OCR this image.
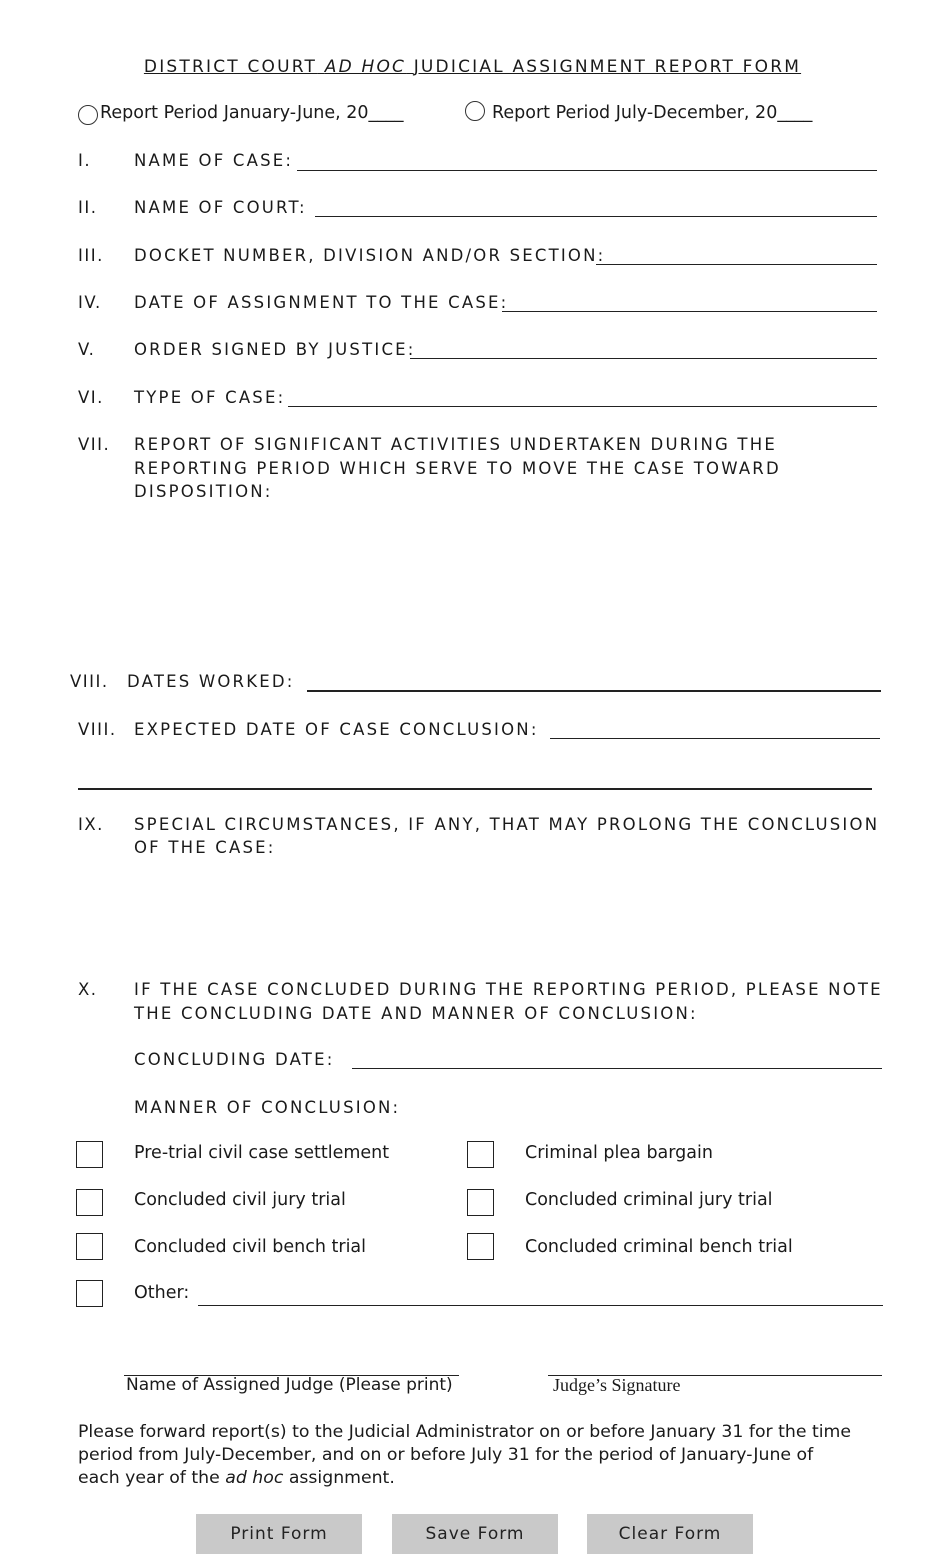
DISTRICT COURT AD HOC JUDICIAL ASSIGNMENT REPORT FORM
Report Period January-June, 20____	Report Period July-December, 20____
I.	NAME OF CASE:
II. NAME OF COURT:
III. DOCKET NUMBER, DIVISION AND/OR SECTION:
IV. DATE OF ASSIGNMENT TO THE CASE:
V. ORDER SIGNED BY JUSTICE:
VI. TYPE OF CASE:
VII. REPORT OF SIGNIFICANT ACTIVITIES UNDERTAKEN DURING THE
REPORTING PERIOD WHICH SERVE TO MOVE THE CASE TOWARD
DISPOSITION:
VIII. DATES WORKED:
VIII. EXPECTED DATE OF CASE CONCLUSION:
IX. SPECIAL CIRCUMSTANCES, IF ANY, THAT MAY PROLONG THE CONCLUSION
OF THE CASE:
X. IF THE CASE CONCLUDED DURING THE REPORTING PERIOD, PLEASE NOTE
THE CONCLUDING DATE AND MANNER OF CONCLUSION:
CONCLUDING DATE:
MANNER OF CONCLUSION:
Pre-trial civil case settlement	Criminal plea bargain
Concluded civil jury trial	Concluded criminal jury trial
Concluded civil bench trial	Concluded criminal bench trial
Other:
Name of Assigned Judge (Please print)	Judge’s Signature
Please forward report(s) to the Judicial Administrator on or before January 31 for the time
period from July-December, and on or before July 31 for the period of January-June of
each year of the ad hoc assignment.
Print Form	Save Form	Clear Form
